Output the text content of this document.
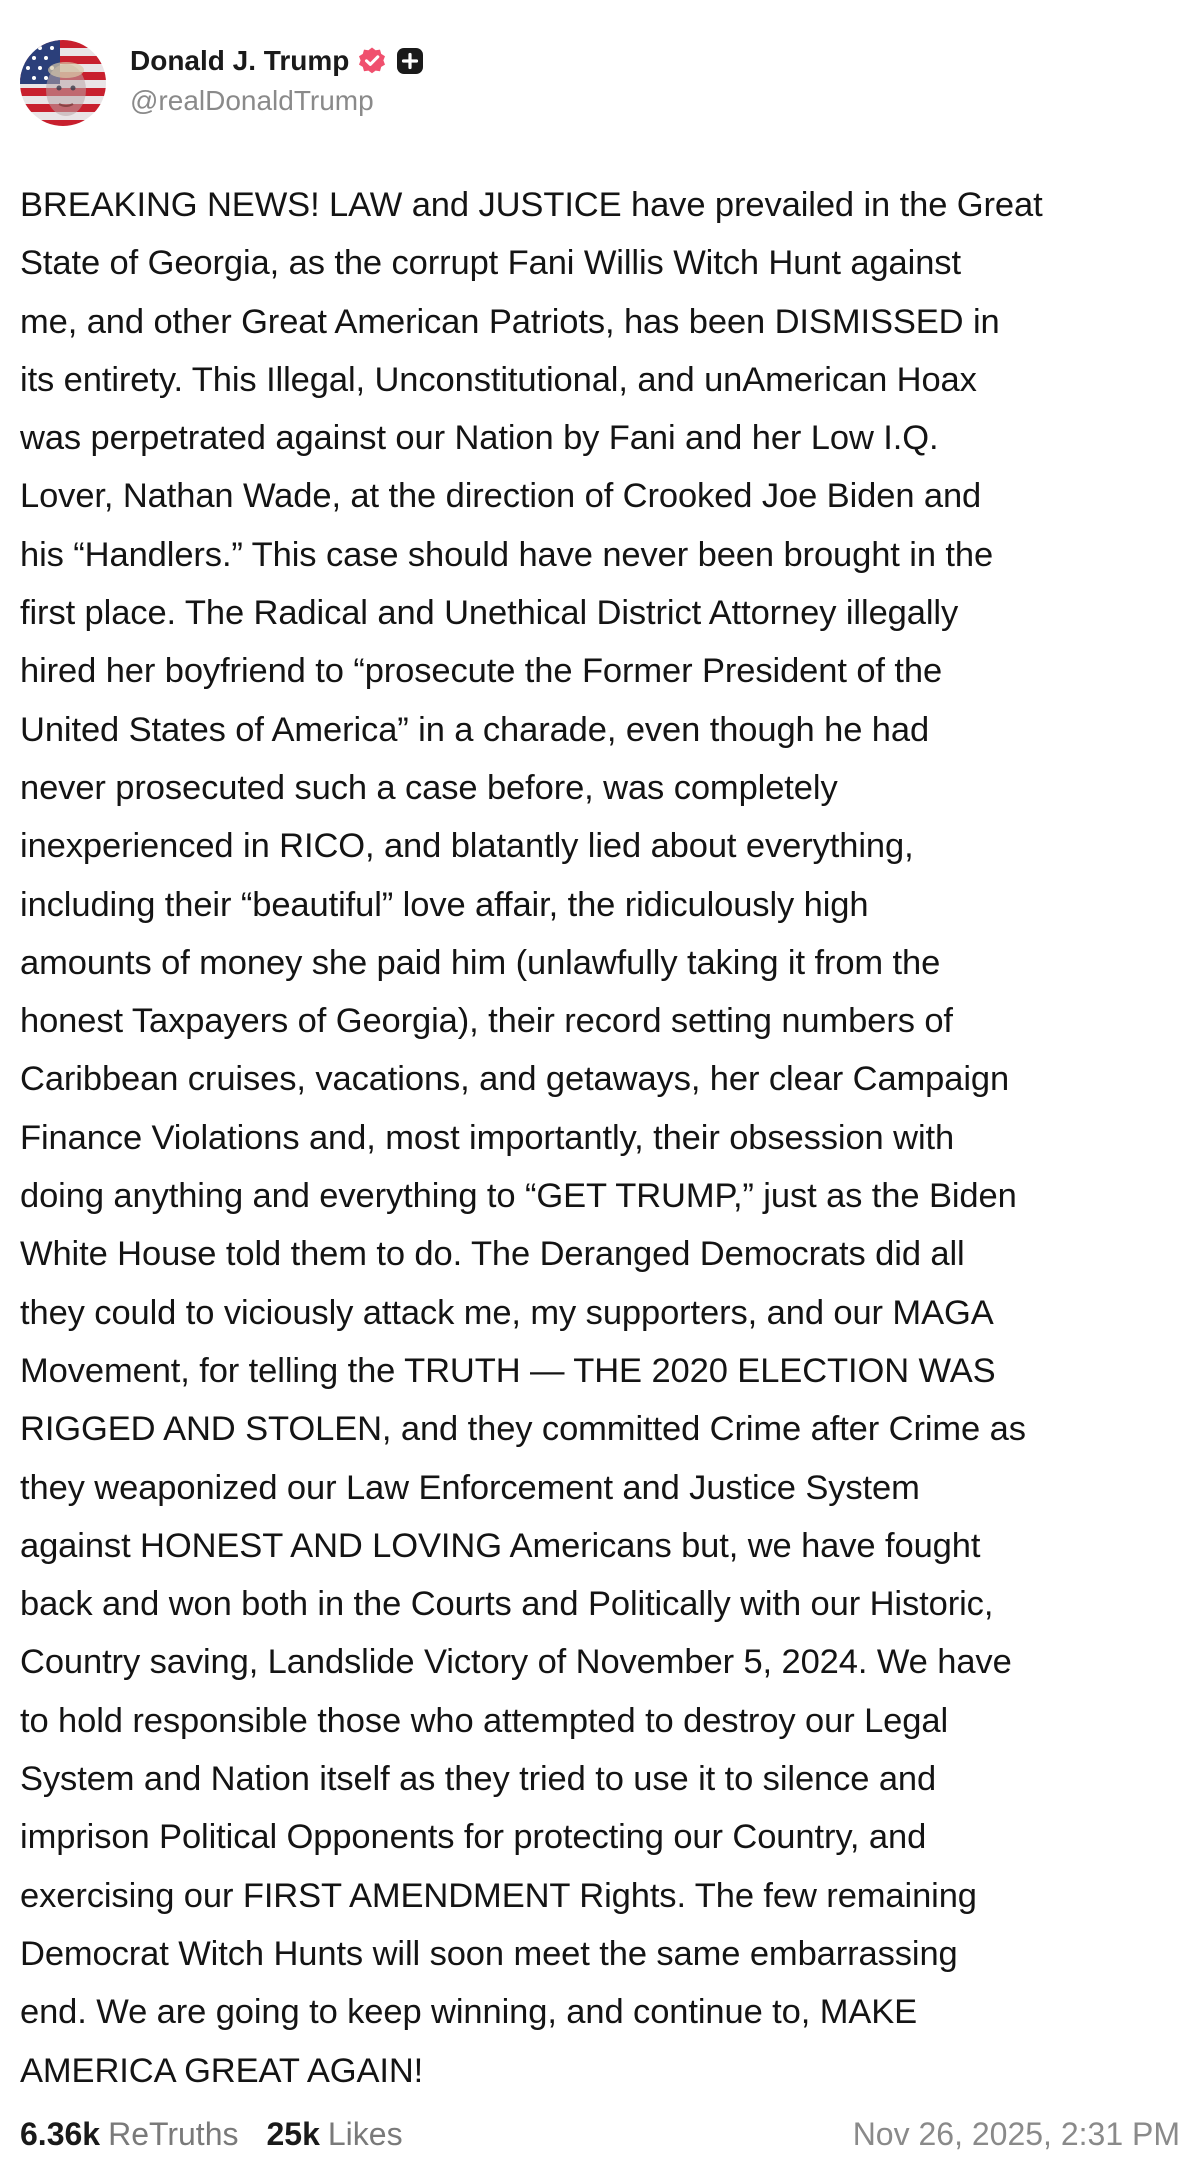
Donald J. Trump
@realDonaldTrump
BREAKING NEWS! LAW and JUSTICE have prevailed in the Great
State of Georgia, as the corrupt Fani Willis Witch Hunt against
me, and other Great American Patriots, has been DISMISSED in
its entirety. This Illegal, Unconstitutional, and unAmerican Hoax
was perpetrated against our Nation by Fani and her Low I.Q.
Lover, Nathan Wade, at the direction of Crooked Joe Biden and
his “Handlers.” This case should have never been brought in the
first place. The Radical and Unethical District Attorney illegally
hired her boyfriend to “prosecute the Former President of the
United States of America” in a charade, even though he had
never prosecuted such a case before, was completely
inexperienced in RICO, and blatantly lied about everything,
including their “beautiful” love affair, the ridiculously high
amounts of money she paid him (unlawfully taking it from the
honest Taxpayers of Georgia), their record setting numbers of
Caribbean cruises, vacations, and getaways, her clear Campaign
Finance Violations and, most importantly, their obsession with
doing anything and everything to “GET TRUMP,” just as the Biden
White House told them to do. The Deranged Democrats did all
they could to viciously attack me, my supporters, and our MAGA
Movement, for telling the TRUTH — THE 2020 ELECTION WAS
RIGGED AND STOLEN, and they committed Crime after Crime as
they weaponized our Law Enforcement and Justice System
against HONEST AND LOVING Americans but, we have fought
back and won both in the Courts and Politically with our Historic,
Country saving, Landslide Victory of November 5, 2024. We have
to hold responsible those who attempted to destroy our Legal
System and Nation itself as they tried to use it to silence and
imprison Political Opponents for protecting our Country, and
exercising our FIRST AMENDMENT Rights. The few remaining
Democrat Witch Hunts will soon meet the same embarrassing
end. We are going to keep winning, and continue to, MAKE
AMERICA GREAT AGAIN!
6.36k ReTruths 25k Likes	Nov 26, 2025, 2:31 PM
